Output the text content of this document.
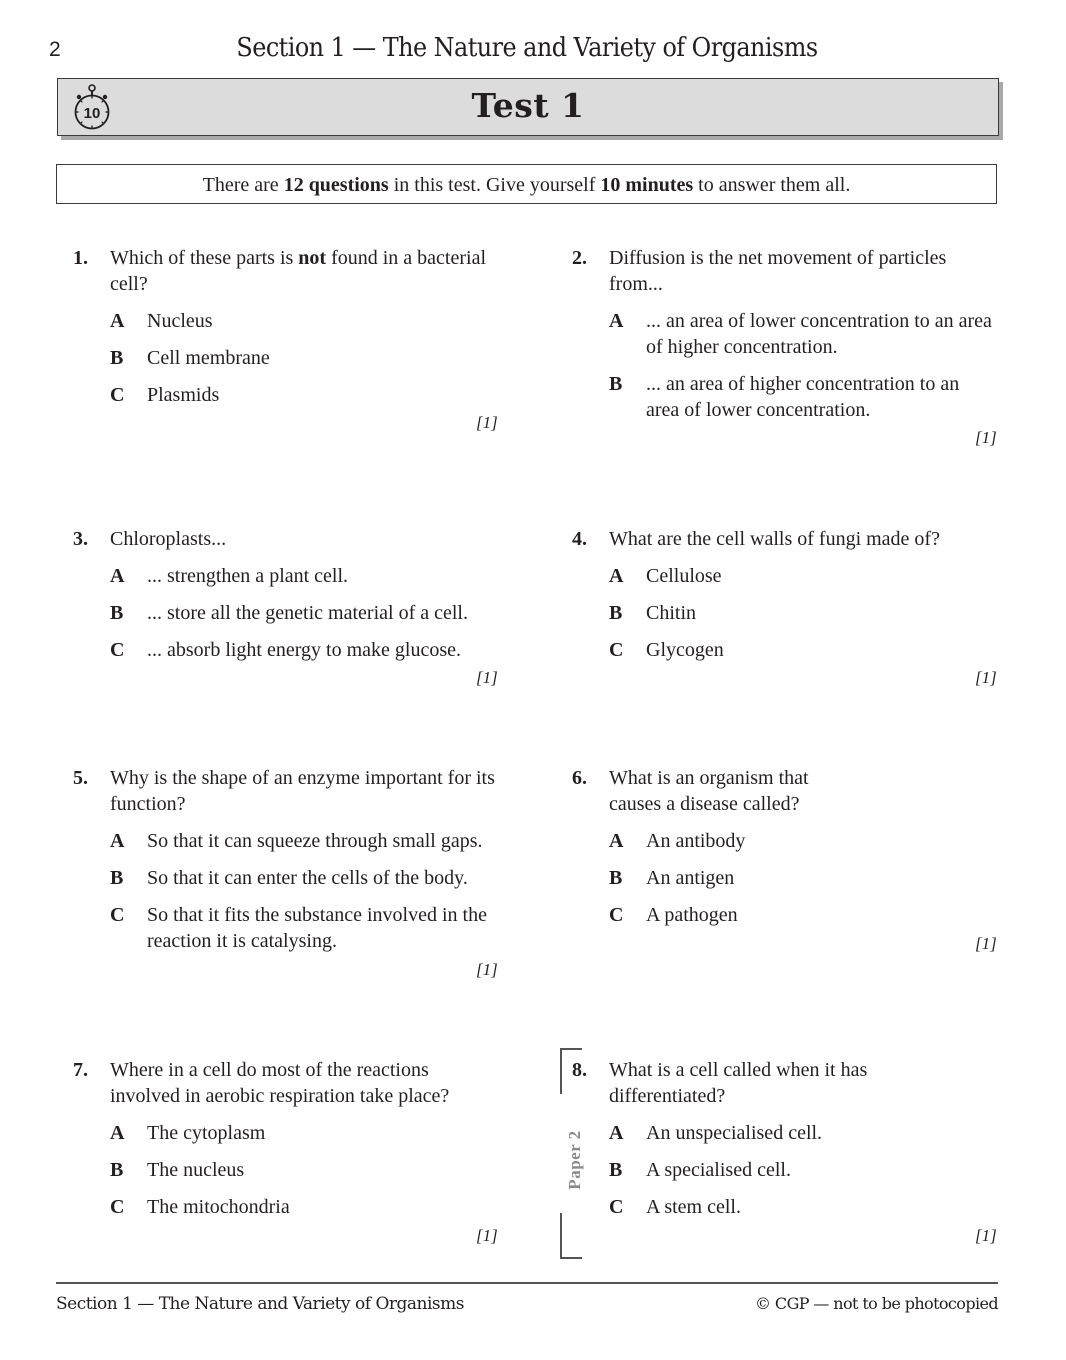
2	Section 1 — The Nature and Variety of Organisms
10	Test 1
There are 12 questions in this test. Give yourself 10 minutes to answer them all.
1. Which of these parts is not found in a bacterial cell?
A Nucleus
B Cell membrane
C Plasmids
[1]
2. Diffusion is the net movement of particles from...
A ... an area of lower concentration to an area of higher concentration.
B ... an area of higher concentration to an area of lower concentration.
[1]
3. Chloroplasts...
A ... strengthen a plant cell.
B ... store all the genetic material of a cell.
C ... absorb light energy to make glucose.
[1]
4. What are the cell walls of fungi made of?
A Cellulose
B Chitin
C Glycogen
[1]
5. Why is the shape of an enzyme important for its function?
A So that it can squeeze through small gaps.
B So that it can enter the cells of the body.
C So that it fits the substance involved in the reaction it is catalysing.
[1]
6. What is an organism that causes a disease called?
A An antibody
B An antigen
C A pathogen
[1]
7. Where in a cell do most of the reactions involved in aerobic respiration take place?
A The cytoplasm
B The nucleus
C The mitochondria
[1]
8. What is a cell called when it has differentiated?
A An unspecialised cell.
B A specialised cell.
C A stem cell.
[1]
Paper 2
Section 1 — The Nature and Variety of Organisms	© CGP — not to be photocopied
